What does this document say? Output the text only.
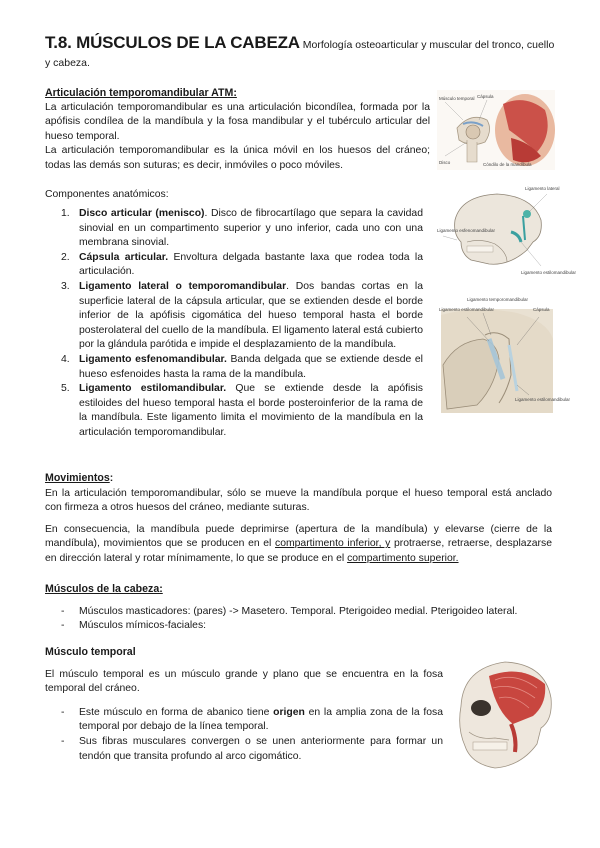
T.8. MÚSCULOS DE LA CABEZA Morfología osteoarticular y muscular del tronco, cuello y cabeza.
Articulación temporomandibular ATM:
La articulación temporomandibular es una articulación bicondílea, formada por la apófisis condílea de la mandíbula y la fosa mandibular y el tubérculo articular del hueso temporal.
La articulación temporomandibular es la única móvil en los huesos del cráneo; todas las demás son suturas; es decir, inmóviles o poco móviles.
Componentes anatómicos:
1. Disco articular (menisco). Disco de fibrocartílago que separa la cavidad sinovial en un compartimento superior y uno inferior, cada uno con una membrana sinovial.
2. Cápsula articular. Envoltura delgada bastante laxa que rodea toda la articulación.
3. Ligamento lateral o temporomandibular. Dos bandas cortas en la superficie lateral de la cápsula articular, que se extienden desde el borde inferior de la apófisis cigomática del hueso temporal hasta el borde posterolateral del cuello de la mandíbula. El ligamento lateral está cubierto por la glándula parótida e impide el desplazamiento de la mandíbula.
4. Ligamento esfenomandibular. Banda delgada que se extiende desde el hueso esfenoides hasta la rama de la mandíbula.
5. Ligamento estilomandibular. Que se extiende desde la apófisis estiloides del hueso temporal hasta el borde posteroinferior de la rama de la mandíbula. Este ligamento limita el movimiento de la mandíbula en la articulación temporomandibular.
Movimientos:
En la articulación temporomandibular, sólo se mueve la mandíbula porque el hueso temporal está anclado con firmeza a otros huesos del cráneo, mediante suturas.
En consecuencia, la mandíbula puede deprimirse (apertura de la mandíbula) y elevarse (cierre de la mandíbula), movimientos que se producen en el compartimento inferior, y protraerse, retraerse, desplazarse en dirección lateral y rotar mínimamente, lo que se produce en el compartimento superior.
Músculos de la cabeza:
- Músculos masticadores: (pares) -> Masetero. Temporal. Pterigoideo medial. Pterigoideo lateral.
- Músculos mímicos-faciales:
Músculo temporal
El músculo temporal es un músculo grande y plano que se encuentra en la fosa temporal del cráneo.
- Este músculo en forma de abanico tiene origen en la amplia zona de la fosa temporal por debajo de la línea temporal.
- Sus fibras musculares convergen o se unen anteriormente para formar un tendón que transita profundo al arco cigomático.
Músculo temporal Cápsula
Disco	Cóndilo de la mandíbula
Ligamento lateral
Ligamento esfenomandibular
Ligamento estilomandibular
Ligamento temporomandibular
Ligamento estilomandibular	Cápsula
Ligamento estilomandibular
